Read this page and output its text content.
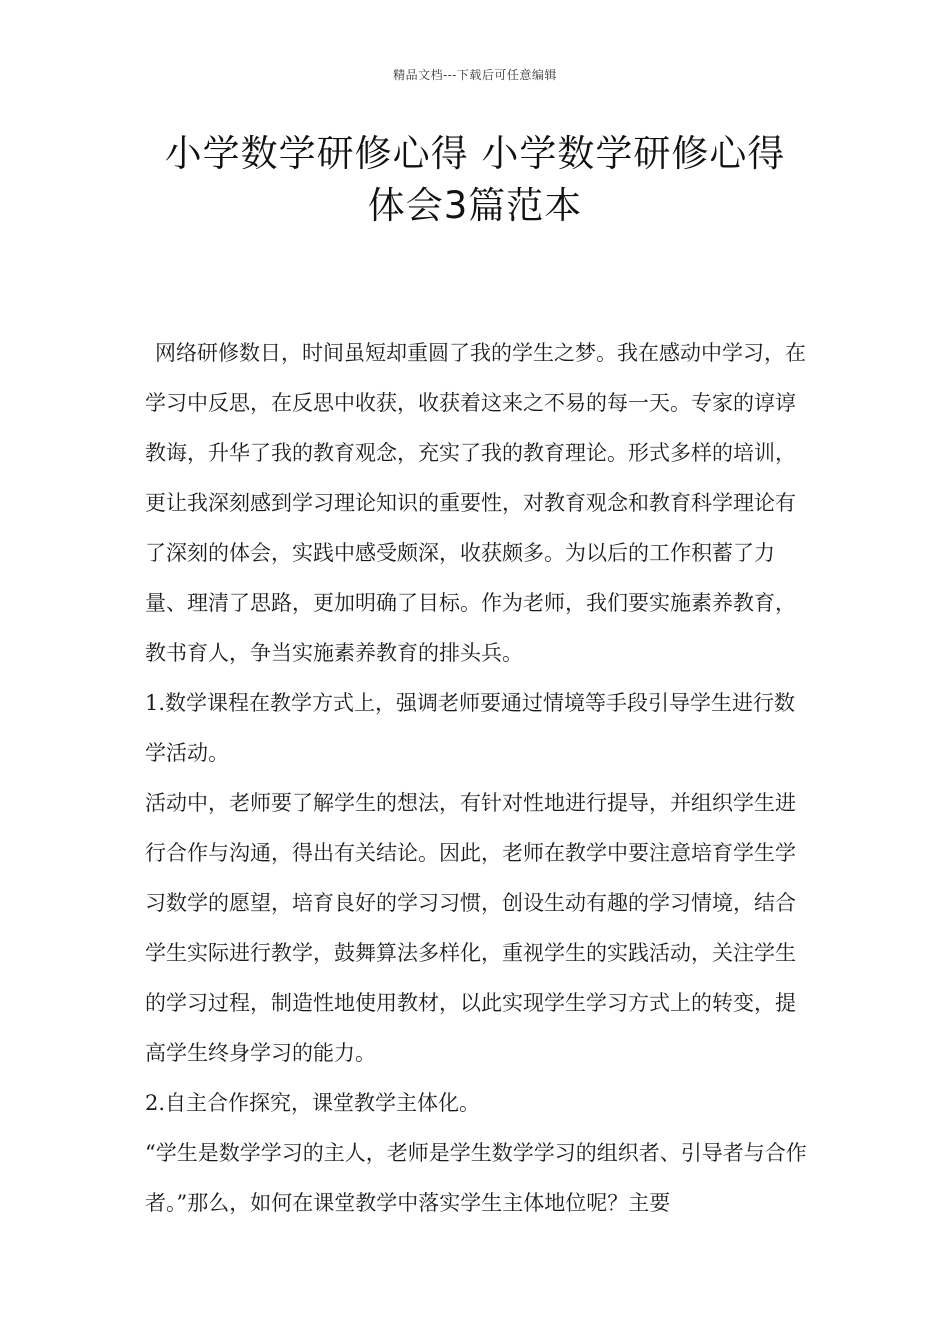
精品文档---下载后可任意编辑
小学数学研修心得 小学数学研修心得
体会3篇范本

网络研修数日，时间虽短却重圆了我的学生之梦。我在感动中学习，在学习中反思，在反思中收获，收获着这来之不易的每一天。专家的谆谆教诲，升华了我的教育观念，充实了我的教育理论。形式多样的培训，更让我深刻感到学习理论知识的重要性，对教育观念和教育科学理论有了深刻的体会，实践中感受颇深，收获颇多。为以后的工作积蓄了力量、理清了思路，更加明确了目标。作为老师，我们要实施素养教育，教书育人，争当实施素养教育的排头兵。

1.数学课程在教学方式上，强调老师要通过情境等手段引导学生进行数学活动。

活动中，老师要了解学生的想法，有针对性地进行提导，并组织学生进行合作与沟通，得出有关结论。因此，老师在教学中要注意培育学生学习数学的愿望，培育良好的学习习惯，创设生动有趣的学习情境，结合学生实际进行教学，鼓舞算法多样化，重视学生的实践活动，关注学生的学习过程，制造性地使用教材，以此实现学生学习方式上的转变，提高学生终身学习的能力。

2.自主合作探究，课堂教学主体化。

“学生是数学学习的主人，老师是学生数学学习的组织者、引导者与合作者。”那么，如何在课堂教学中落实学生主体地位呢？主要
